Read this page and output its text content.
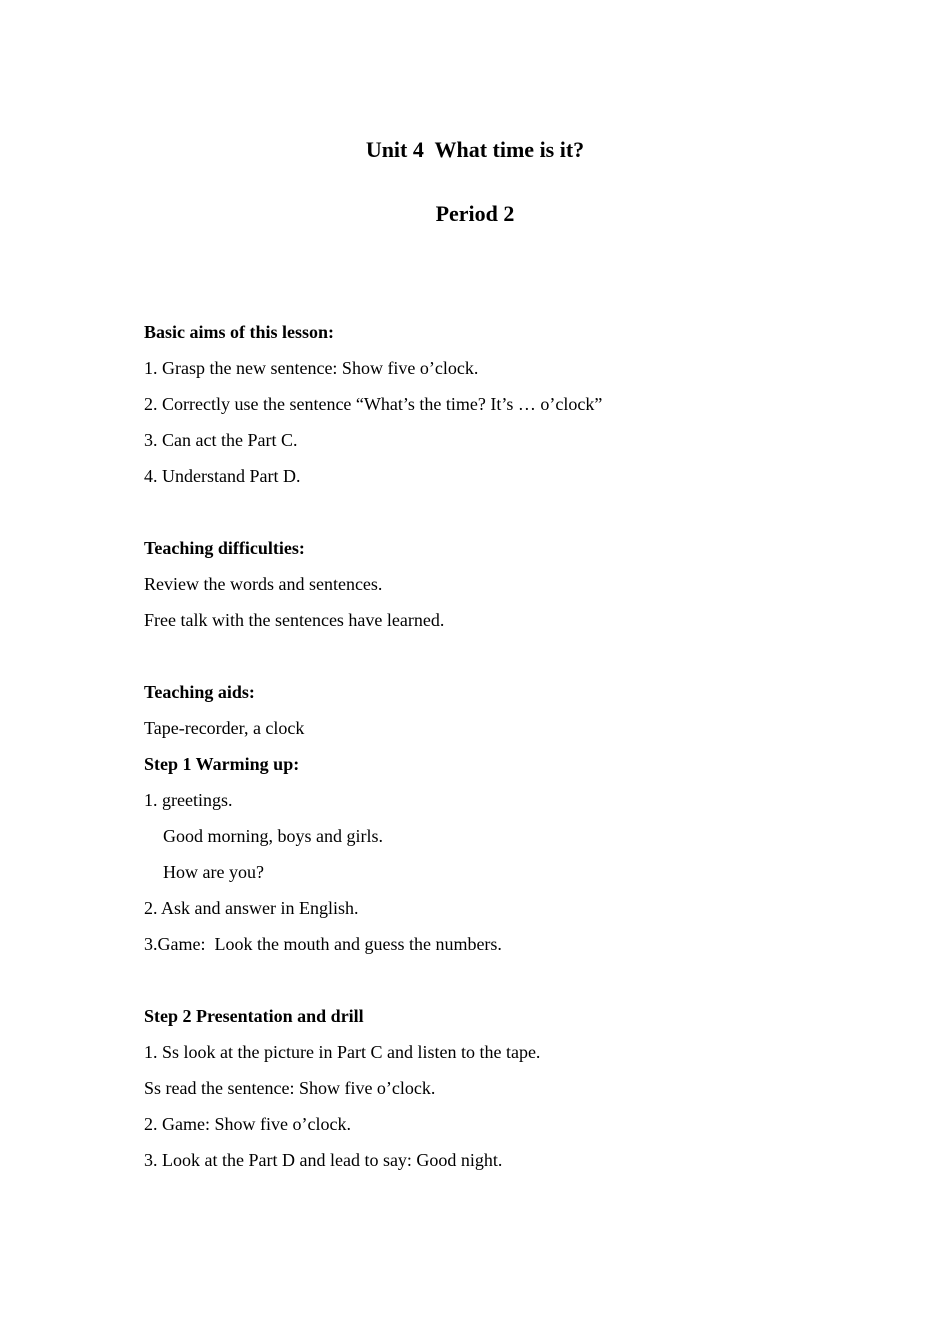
Unit 4  What time is it?
Period 2

Basic aims of this lesson:

1. Grasp the new sentence: Show five o’clock.

2. Correctly use the sentence “What’s the time? It’s … o’clock”

3. Can act the Part C.

4. Understand Part D.

Teaching difficulties:

Review the words and sentences.

Free talk with the sentences have learned.

Teaching aids:

Tape-recorder, a clock

Step 1 Warming up:

1. greetings.

Good morning, boys and girls.

How are you?

2. Ask and answer in English.

3.Game:  Look the mouth and guess the numbers.

Step 2 Presentation and drill

1. Ss look at the picture in Part C and listen to the tape.

Ss read the sentence: Show five o’clock.

2. Game: Show five o’clock.

3. Look at the Part D and lead to say: Good night.
